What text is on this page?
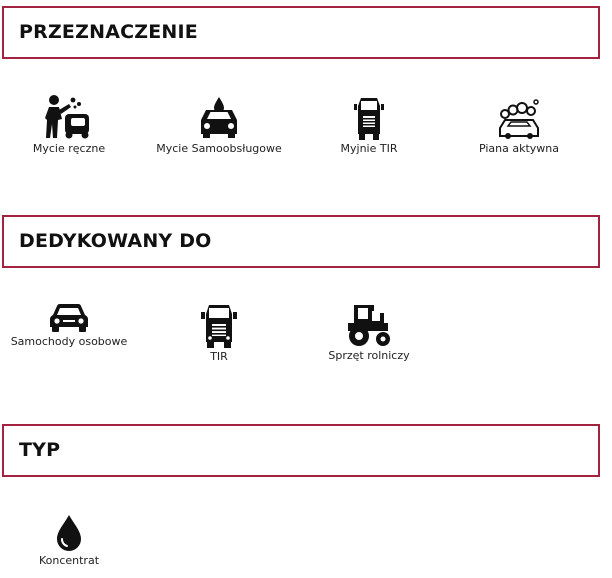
PRZEZNACZENIE
Mycie ręczne	Mycie Samoobsługowe	Myjnie TIR	Piana aktywna
DEDYKOWANY DO
Samochody osobowe
TIR	Sprzęt rolniczy
TYP
Koncentrat
